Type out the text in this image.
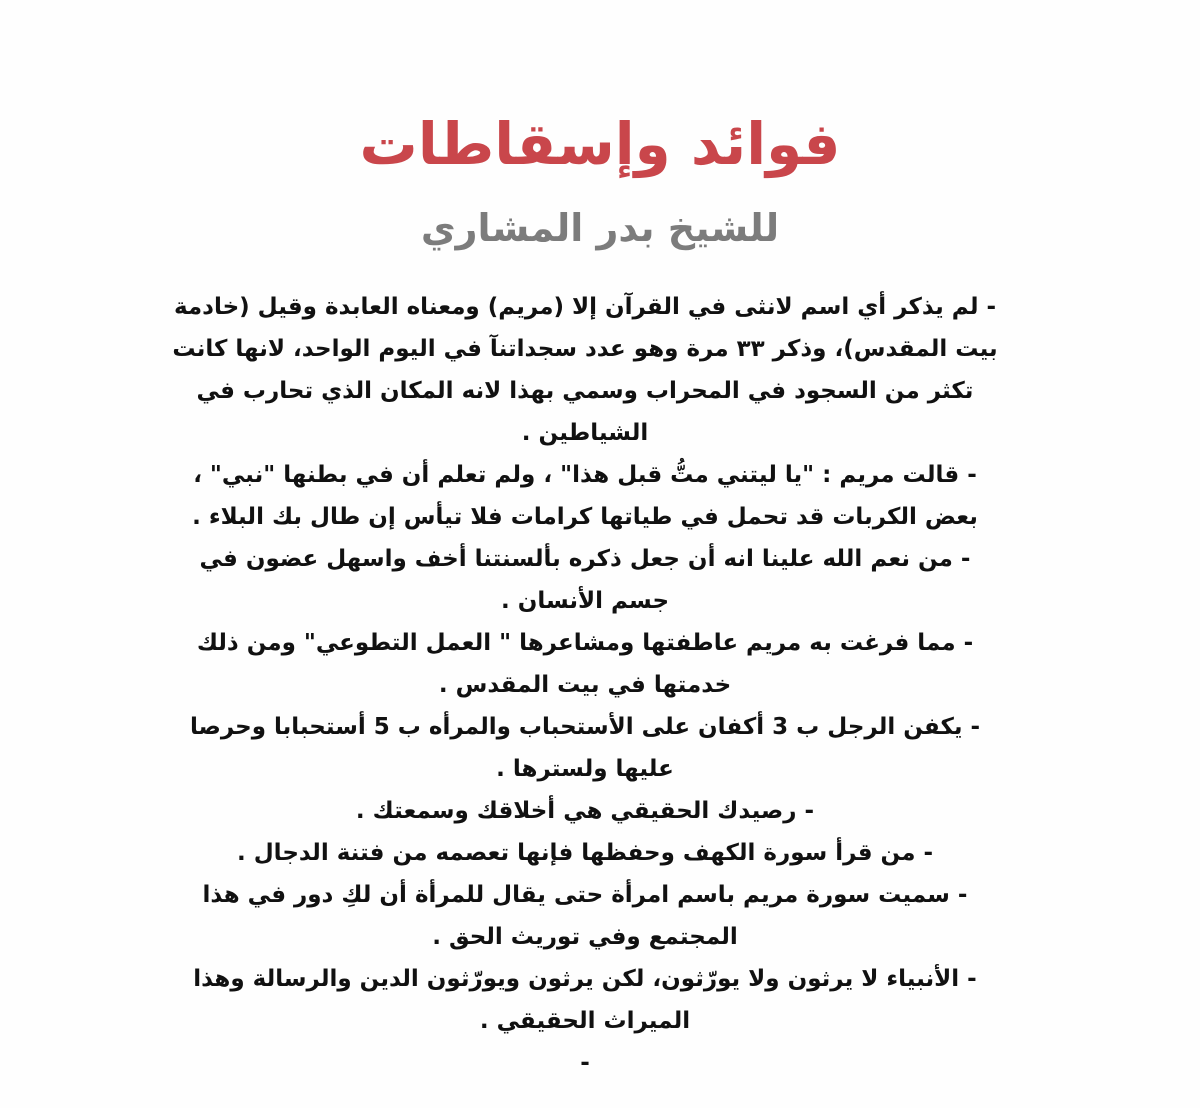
فوائد وإسقاطات
للشيخ بدر المشاري

- لم يذكر أي اسم لانثى في القرآن إلا (مريم) ومعناه العابدة وقيل (خادمة بيت المقدس)، وذكر ٣٣ مرة وهو عدد سجداتنآ في اليوم الواحد، لانها كانت تكثر من السجود في المحراب وسمي بهذا لانه المكان الذي تحارب في الشياطين .

- قالت مريم : "يا ليتني متُّ قبل هذا" ، ولم تعلم أن في بطنها "نبي" ، بعض الكربات قد تحمل في طياتها كرامات فلا تيأس إن طال بك البلاء .

- من نعم الله علينا انه أن جعل ذكره بألسنتنا أخف واسهل عضون في جسم الأنسان .

- مما فرغت به مريم عاطفتها ومشاعرها " العمل التطوعي" ومن ذلك خدمتها في بيت المقدس .

- يكفن الرجل ب 3 أكفان على الأستحباب والمرأه ب 5 أستحبابا وحرصا عليها ولسترها .

- رصيدك الحقيقي هي أخلاقك وسمعتك .

- من قرأ سورة الكهف وحفظها فإنها تعصمه من فتنة الدجال .

- سميت سورة مريم باسم امرأة حتى يقال للمرأة أن لكِ دور في هذا المجتمع وفي توريث الحق .

- الأنبياء لا يرثون ولا يورّثون، لكن يرثون ويورّثون الدين والرسالة وهذا الميراث الحقيقي .

-
